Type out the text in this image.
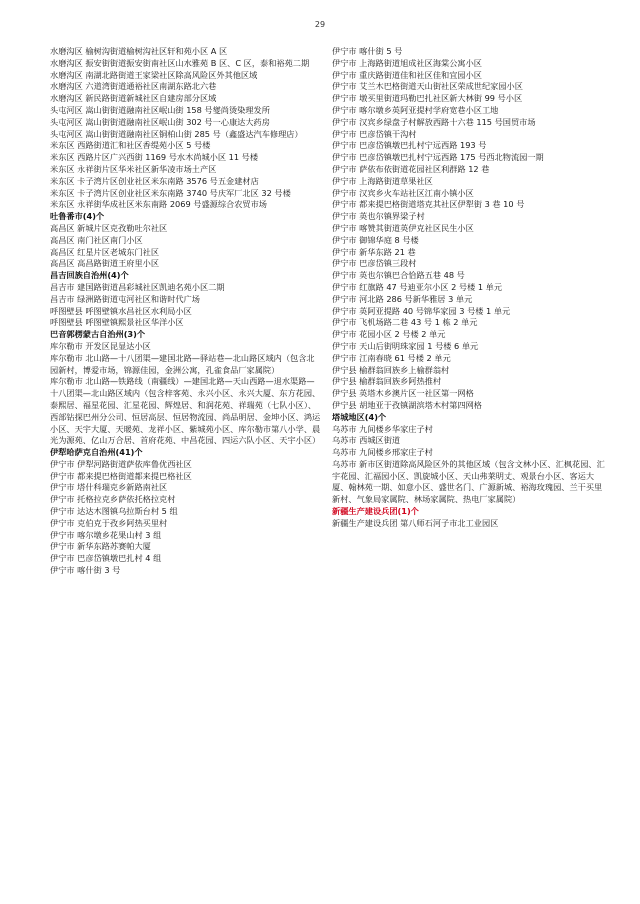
29
水磨沟区 榆树沟街道榆树沟社区轩和苑小区 A 区
水磨沟区 振安街街道振安街南社区山水雅苑 B 区、C 区，泰和裕苑二期
水磨沟区 南湖北路街道王家梁社区除高风险区外其他区域
水磨沟区 六道湾街道通裕社区南湖东路北六巷
水磨沟区 新民路街道新城社区自建房部分区域
头屯河区 嵩山街街道融南社区岷山街 158 号燮尚烫染理发所
头屯河区 嵩山街街道融南社区岷山街 302 号一心康达大药房
头屯河区 嵩山街街道融南社区铜柏山街 285 号（鑫盛达汽车修理店）
米东区 西路街道汇和社区香缇苑小区 5 号楼
米东区 西路片区广兴西街 1169 号水木尚城小区 11 号楼
米东区 永祥街片区华米社区新华凌市场土产区
米东区 卡子湾片区创业社区米东南路 3576 号五金建材店
米东区 卡子湾片区创业社区米东南路 3740 号庆军厂北区 32 号楼
米东区 永祥街华成社区米东南路 2069 号盛源综合农贸市场
吐鲁番市(4)个
高昌区 新城片区克孜勒吐尔社区
高昌区 南门社区南门小区
高昌区 红星片区老城东门社区
高昌区 高昌路街道王府里小区
昌吉回族自治州(4)个
昌吉市 建国路街道昌彩城社区凯迪名苑小区二期
昌吉市 绿洲路街道屯河社区和谐时代广场
呼图壁县 呼图壁镇水昌社区水利局小区
呼图壁县 呼图壁镇熙景社区华洋小区
巴音郭楞蒙古自治州(3)个
库尔勒市 开发区昆显达小区
库尔勒市 北山路—十八团渠—建国北路—驿站巷—北山路区域内（包含北园新村，博爱市场，锦源佳园，金洲公寓，孔雀食品厂家属院）
库尔勒市 北山路—铁路线（南疆线）—建国北路—天山西路—退水渠路—十八团渠—北山路区域内（包含梓客苑、永兴小区、永兴大厦、东方花园、泰熙居、福星花园、汇星花园、辉煌居、和润花苑、祥瑞苑（七队小区）、西部钻探巴州分公司、恒居高层、恒居物流园、尚品明居、金坤小区、鸿运小区、天宇大厦、天暖苑、龙祥小区、紫城苑小区、库尔勒市第八小学、晨光为源苑、亿山万合居、首府花苑、中昌花园、四运六队小区、天宇小区）
伊犁哈萨克自治州(41)个
伊宁市 伊犁河路街道萨依库鲁优西社区
伊宁市 都来提巴格街道都来提巴格社区
伊宁市 塔什科瑞克乡新路南社区
伊宁市 托格拉克乡萨依托格拉克村
伊宁市 达达木图镇乌拉斯台村 5 组
伊宁市 克伯克于孜乡阿热买里村
伊宁市 喀尔墩乡花果山村 3 组
伊宁市 新华东路苏赛帕大厦
伊宁市 巴彦岱镇墩巴扎村 4 组
伊宁市 喀什街 3 号
伊宁市 喀什街 5 号
伊宁市 上海路街道旭成社区海棠公寓小区
伊宁市 重庆路街道佳和社区佳和宜园小区
伊宁市 艾兰木巴格街道天山街社区荣成世纪家园小区
伊宁市 墩买里街道玛勒巴扎社区新大林街 99 号小区
伊宁市 喀尔墩乡英阿亚提村学府宽巷小区工地
伊宁市 汉宾乡绿盘子村解放西路十六巷 115 号国贸市场
伊宁市 巴彦岱镇干沟村
伊宁市 巴彦岱镇墩巴扎村宁远西路 193 号
伊宁市 巴彦岱镇墩巴扎村宁远西路 175 号西北物流园一期
伊宁市 萨依布依街道花园社区利群路 12 巷
伊宁市 上海路街道草果社区
伊宁市 汉宾乡火车站社区江南小镇小区
伊宁市 都来提巴格街道塔克其社区伊犁街 3 巷 10 号
伊宁市 英也尔镇界梁子村
伊宁市 喀赞其街道英伊克社区民生小区
伊宁市 御锦华庭 8 号楼
伊宁市 新华东路 21 巷
伊宁市 巴彦岱镇三段村
伊宁市 英也尔镇巴合恰路五巷 48 号
伊宁市 红旗路 47 号迪亚尔小区 2 号楼 1 单元
伊宁市 河北路 286 号新华雅居 3 单元
伊宁市 英阿亚提路 40 号锦华家园 3 号楼 1 单元
伊宁市 飞机场路二巷 43 号 1 栋 2 单元
伊宁市 花园小区 2 号楼 2 单元
伊宁市 天山后街明珠家园 1 号楼 6 单元
伊宁市 江南春晓 61 号楼 2 单元
伊宁县 榆群翁回族乡上榆群翁村
伊宁县 榆群翁回族乡阿热推村
伊宁县 英塔木乡澳片区一社区第一网格
伊宁县 胡地亚于孜镇湖滨塔木村第四网格
塔城地区(4)个
乌苏市 九间楼乡华家庄子村
乌苏市 西城区街道
乌苏市 九间楼乡邢家庄子村
乌苏市 新市区街道除高风险区外的其他区域（包含文林小区、汇枫花园、汇宇花园、汇福园小区、凯旋城小区、天山弗莱明丈、观景台小区、客运大厦、翰林苑一期、如意小区、盛世名门、广源新城、裕海玫瑰园、兰干买里新村、气象局家属院、林场家属院、热电厂家属院）
新疆生产建设兵团(1)个
新疆生产建设兵团 第八师石河子市北工业园区
